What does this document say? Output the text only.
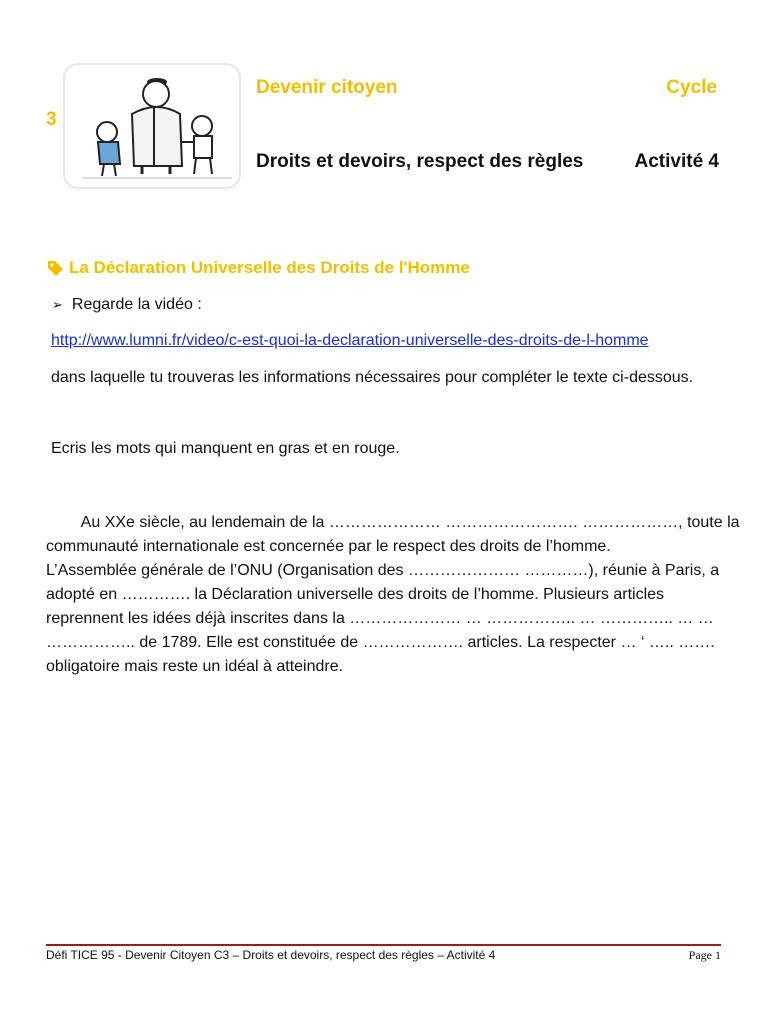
Devenir citoyen	Cycle
3
Droits et devoirs, respect des règles	Activité 4
La Déclaration Universelle des Droits de l'Homme
➢ Regarde la vidéo :
http://www.lumni.fr/video/c-est-quoi-la-declaration-universelle-des-droits-de-l-homme
dans laquelle tu trouveras les informations nécessaires pour compléter le texte ci-dessous.
Ecris les mots qui manquent en gras et en rouge.
Au XXe siècle, au lendemain de la ………………… ……………………. ………………, toute la
communauté internationale est concernée par le respect des droits de l’homme.
L’Assemblée générale de l’ONU (Organisation des ………………… …………), réunie à Paris, a
adopté en …………. la Déclaration universelle des droits de l’homme. Plusieurs articles
reprennent les idées déjà inscrites dans la ………………… … …………….. … ………….. … …
…………….. de 1789. Elle est constituée de ………………. articles. La respecter … ‘ ….. …….
obligatoire mais reste un idéal à atteindre.
Défi TICE 95 - Devenir Citoyen C3 – Droits et devoirs, respect des règles – Activité 4	Page 1
